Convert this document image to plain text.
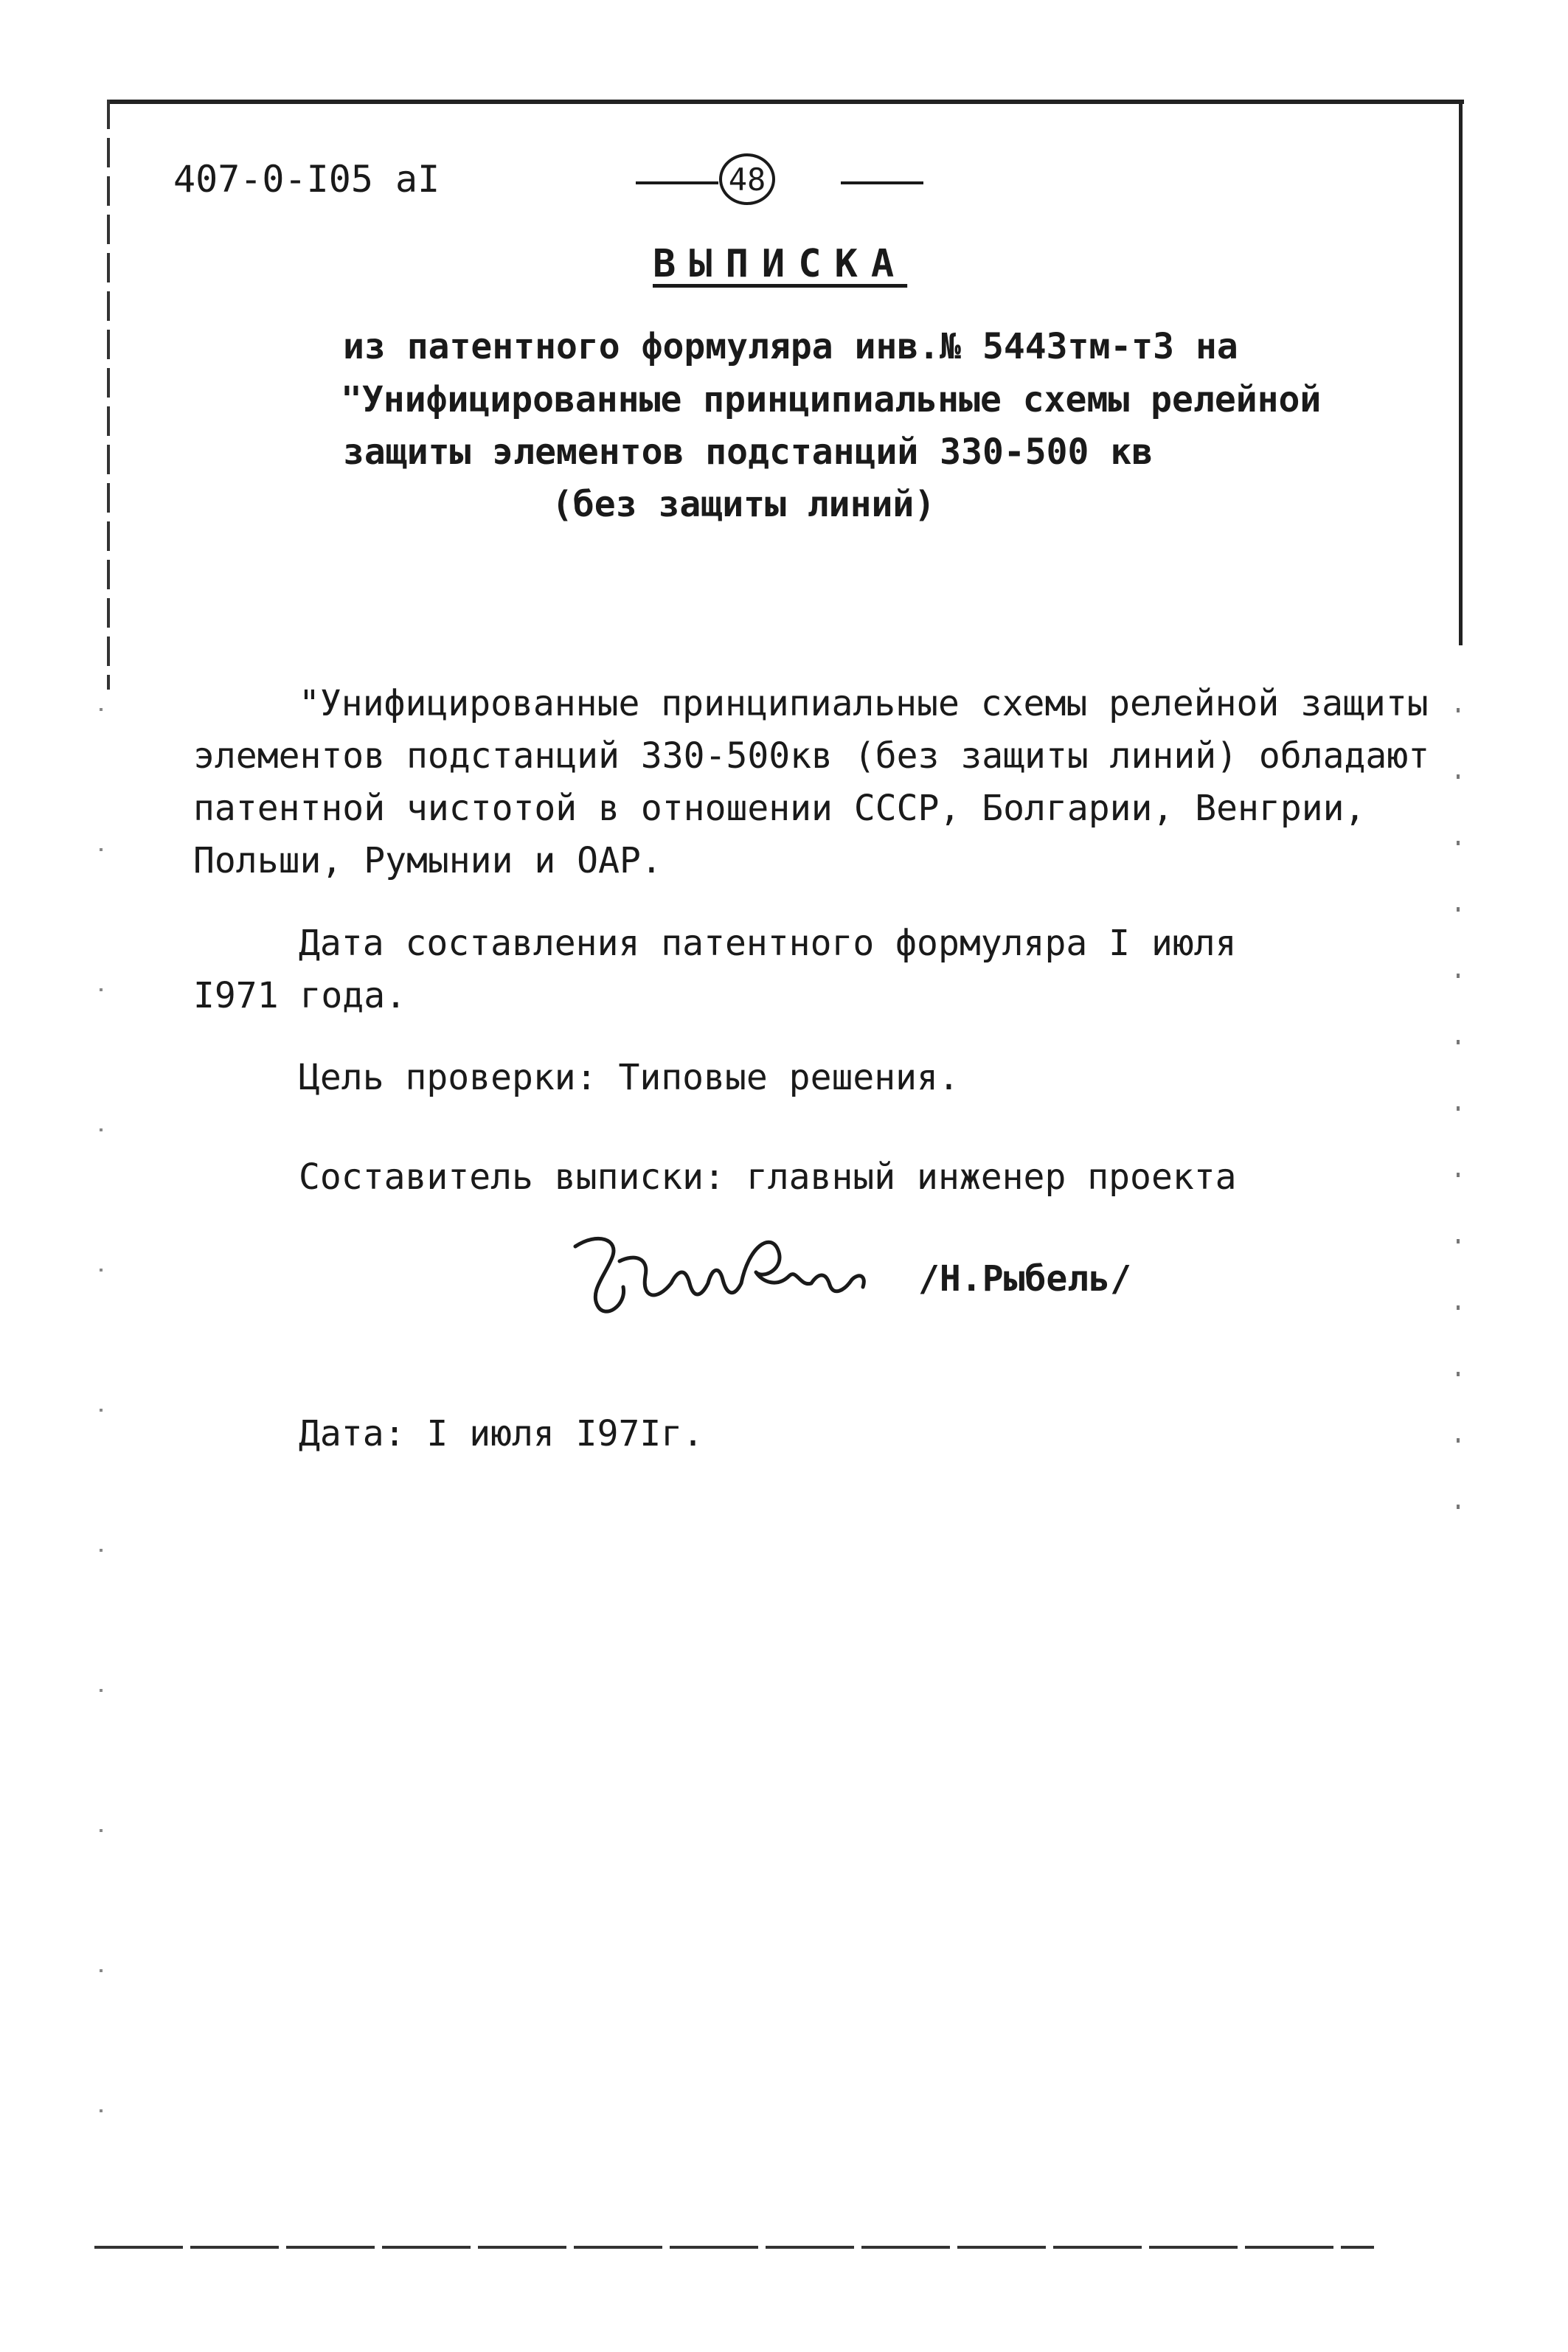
407-0-I05 aI	48
ВЫПИСКА
из патентного формуляра инв.№ 5443тм-т3 на
"Унифицированные принципиальные схемы релейной
защиты элементов подстанций 330-500 кв
(без защиты линий)
"Унифицированные принципиальные схемы релейной защиты
элементов подстанций 330-500кв (без защиты линий) обладают
патентной чистотой в отношении СССР, Болгарии, Венгрии,
Польши, Румынии и ОАР.
Дата составления патентного формуляра I июля
I971 года.
Цель проверки: Типовые решения.
Составитель выписки: главный инженер проекта
/Н.Рыбель/
Дата: I июля I97Iг.
